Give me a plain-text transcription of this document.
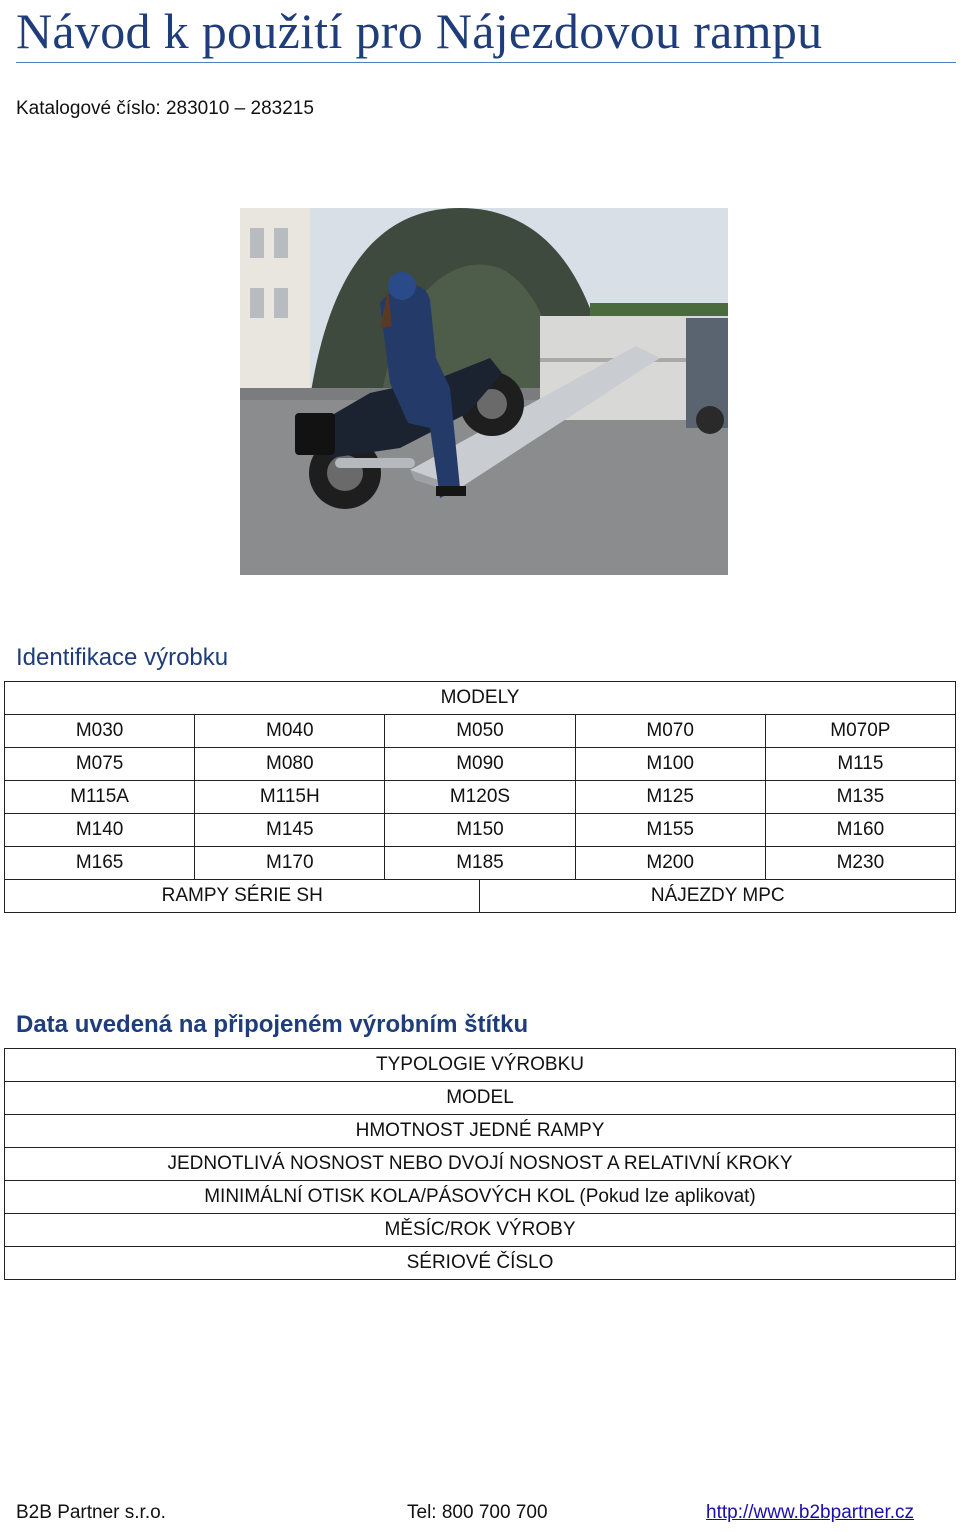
Návod k použití pro Nájezdovou rampu
Katalogové číslo: 283010 – 283215
Identifikace výrobku
MODELY					
M030	M040	M050		M070	M070P
M075	M080	M090		M100	M115
M115A	M115H	M120S		M125	M135
M140	M145	M150		M155	M160
M165	M170	M185		M200	M230
RAMPY SÉRIE SH			NÁJEZDY MPC		
Data uvedená na připojeném výrobním štítku
TYPOLOGIE VÝROBKU
MODEL
HMOTNOST JEDNÉ RAMPY
JEDNOTLIVÁ NOSNOST NEBO DVOJÍ NOSNOST A RELATIVNÍ KROKY
MINIMÁLNÍ OTISK KOLA/PÁSOVÝCH KOL (Pokud lze aplikovat)
MĚSÍC/ROK VÝROBY
SÉRIOVÉ ČÍSLO
B2B Partner s.r.o.	Tel: 800 700 700	http://www.b2bpartner.cz
